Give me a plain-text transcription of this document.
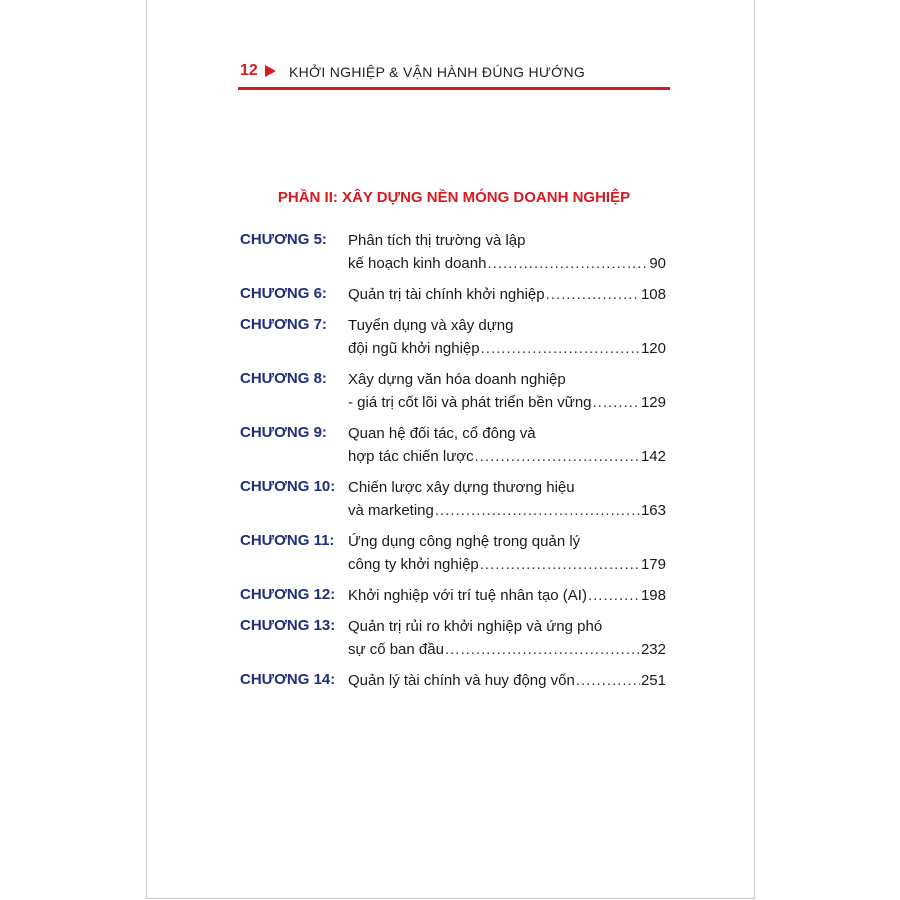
12 KHỞI NGHIỆP & VẬN HÀNH ĐÚNG HƯỚNG
PHẦN II: XÂY DỰNG NỀN MÓNG DOANH NGHIỆP
CHƯƠNG 5: Phân tích thị trường và lập
kế hoạch kinh doanh .....	90
CHƯƠNG 6: Quản trị tài chính khởi nghiệp .....	108
CHƯƠNG 7: Tuyển dụng và xây dựng
đội ngũ khởi nghiệp .....	120
CHƯƠNG 8: Xây dựng văn hóa doanh nghiệp
- giá trị cốt lõi và phát triển bền vững .....	129
CHƯƠNG 9: Quan hệ đối tác, cổ đông và
hợp tác chiến lược .....	142
CHƯƠNG 10: Chiến lược xây dựng thương hiệu
và marketing .....	163
CHƯƠNG 11: Ứng dụng công nghệ trong quản lý
công ty khởi nghiệp .....	179
CHƯƠNG 12: Khởi nghiệp với trí tuệ nhân tạo (AI) .....	198
CHƯƠNG 13: Quản trị rủi ro khởi nghiệp và ứng phó
sự cố ban đầu .....	232
CHƯƠNG 14: Quản lý tài chính và huy động vốn .....	251
